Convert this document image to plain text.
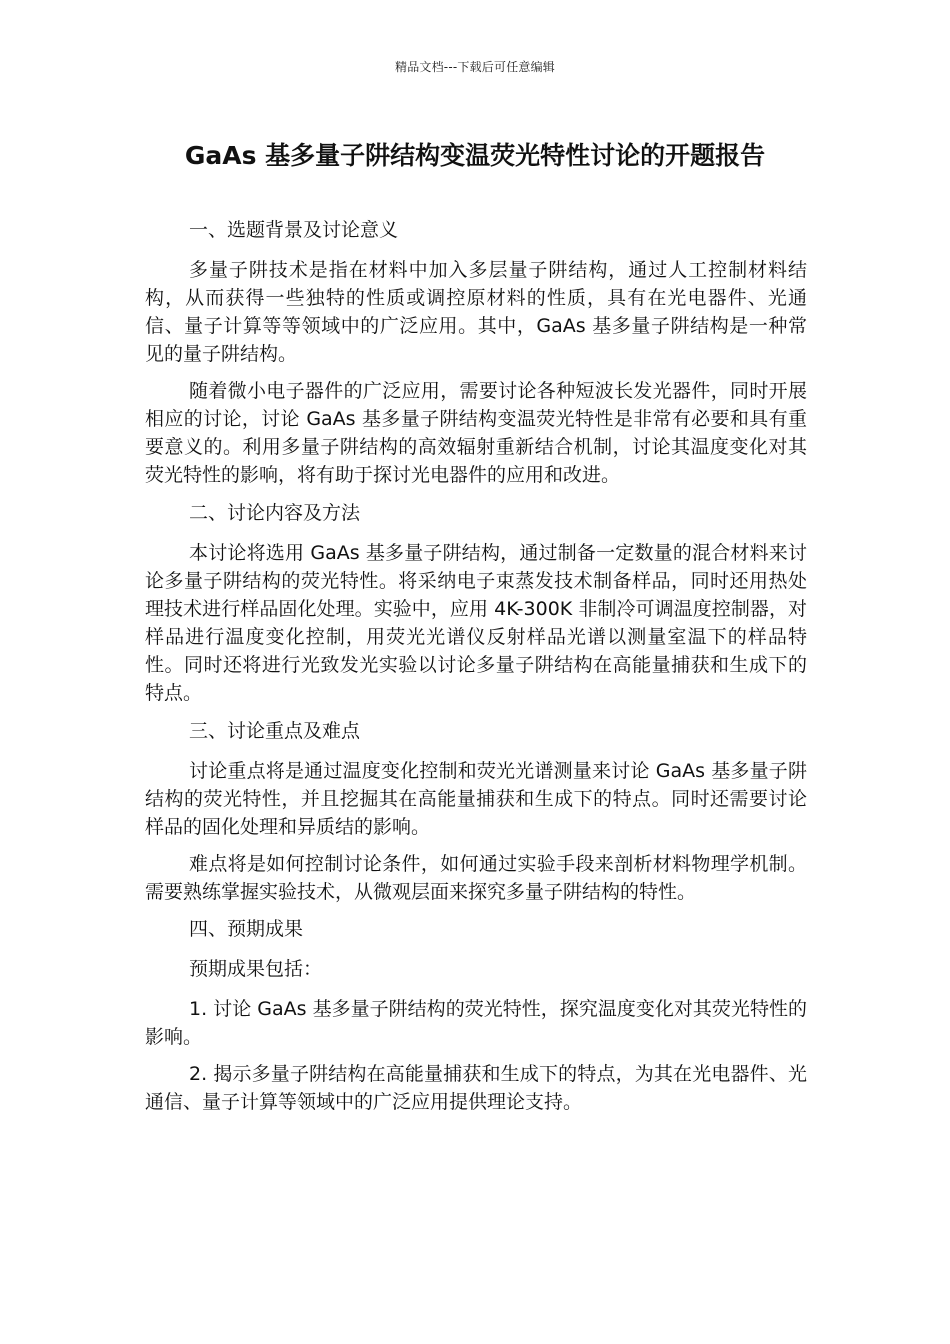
精品文档---下载后可任意编辑
GaAs 基多量子阱结构变温荧光特性讨论的开题报告

一、选题背景及讨论意义

多量子阱技术是指在材料中加入多层量子阱结构，通过人工控制材料结构，从而获得一些独特的性质或调控原材料的性质，具有在光电器件、光通信、量子计算等等领域中的广泛应用。其中，GaAs 基多量子阱结构是一种常见的量子阱结构。

随着微小电子器件的广泛应用，需要讨论各种短波长发光器件，同时开展相应的讨论，讨论 GaAs 基多量子阱结构变温荧光特性是非常有必要和具有重要意义的。利用多量子阱结构的高效辐射重新结合机制，讨论其温度变化对其荧光特性的影响，将有助于探讨光电器件的应用和改进。

二、讨论内容及方法

本讨论将选用 GaAs 基多量子阱结构，通过制备一定数量的混合材料来讨论多量子阱结构的荧光特性。将采纳电子束蒸发技术制备样品，同时还用热处理技术进行样品固化处理。实验中，应用 4K-300K 非制冷可调温度控制器，对样品进行温度变化控制，用荧光光谱仪反射样品光谱以测量室温下的样品特性。同时还将进行光致发光实验以讨论多量子阱结构在高能量捕获和生成下的特点。

三、讨论重点及难点

讨论重点将是通过温度变化控制和荧光光谱测量来讨论 GaAs 基多量子阱结构的荧光特性，并且挖掘其在高能量捕获和生成下的特点。同时还需要讨论样品的固化处理和异质结的影响。

难点将是如何控制讨论条件，如何通过实验手段来剖析材料物理学机制。需要熟练掌握实验技术，从微观层面来探究多量子阱结构的特性。

四、预期成果

预期成果包括：

1. 讨论 GaAs 基多量子阱结构的荧光特性，探究温度变化对其荧光特性的影响。

2. 揭示多量子阱结构在高能量捕获和生成下的特点，为其在光电器件、光通信、量子计算等领域中的广泛应用提供理论支持。
